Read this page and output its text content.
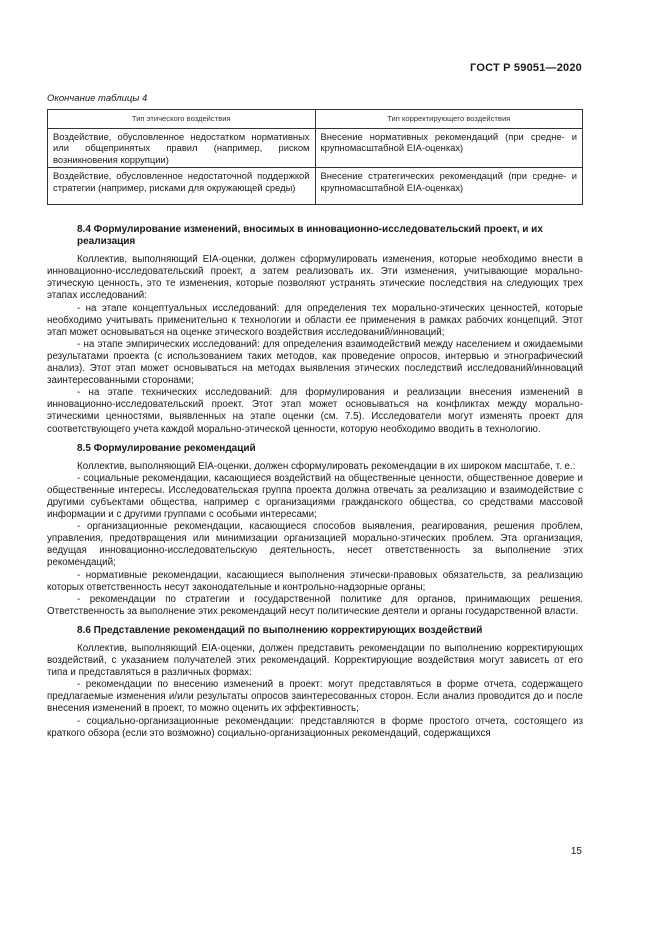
ГОСТ Р 59051—2020
Окончание таблицы 4
Тип этического воздействия	Тип корректирующего воздействия
Воздействие, обусловленное недостатком нормативных или общепринятых правил (например, риском возникновения коррупции)	Внесение нормативных рекомендаций (при средне- и крупномасштабной EIA-оценках)
Воздействие, обусловленное недостаточной поддержкой стратегии (например, рисками для окружающей среды)	Внесение стратегических рекомендаций (при средне- и крупномасштабной EIA-оценках)
8.4 Формулирование изменений, вносимых в инновационно-исследовательский проект, и их реализация

Коллектив, выполняющий EIA-оценки, должен сформулировать изменения, которые необходимо внести в инновационно-исследовательский проект, а затем реализовать их. Эти изменения, учитывающие морально-этическую ценность, это те изменения, которые позволяют устранять этические последствия на следующих трех этапах исследований:

- на этапе концептуальных исследований: для определения тех морально-этических ценностей, которые необходимо учитывать применительно к технологии и области ее применения в рамках рабочих концепций. Этот этап может основываться на оценке этического воздействия исследований/инноваций;

- на этапе эмпирических исследований: для определения взаимодействий между населением и ожидаемыми результатами проекта (с использованием таких методов, как проведение опросов, интервью и этнографический анализ). Этот этап может основываться на методах выявления этических последствий исследований/инноваций заинтересованными сторонами;

- на этапе технических исследований: для формулирования и реализации внесения изменений в инновационно-исследовательский проект. Этот этап может основываться на конфликтах между морально-этическими ценностями, выявленных на этапе оценки (см. 7.5). Исследователи могут изменять проект для соответствующего учета каждой морально-этической ценности, которую необходимо вводить в технологию.

8.5 Формулирование рекомендаций

Коллектив, выполняющий EIA-оценки, должен сформулировать рекомендации в их широком масштабе, т. е.:

- социальные рекомендации, касающиеся воздействий на общественные ценности, общественное доверие и общественные интересы. Исследовательская группа проекта должна отвечать за реализацию и взаимодействие с другими субъектами общества, например с организациями гражданского общества, со средствами массовой информации и с другими группами с особыми интересами;

- организационные рекомендации, касающиеся способов выявления, реагирования, решения проблем, управления, предотвращения или минимизации организацией морально-этических проблем. Эта организация, ведущая инновационно-исследовательскую деятельность, несет ответственность за выполнение этих рекомендаций;

- нормативные рекомендации, касающиеся выполнения этически-правовых обязательств, за реализацию которых ответственность несут законодательные и контрольно-надзорные органы;

- рекомендации по стратегии и государственной политике для органов, принимающих решения. Ответственность за выполнение этих рекомендаций несут политические деятели и органы государственной власти.

8.6 Представление рекомендаций по выполнению корректирующих воздействий

Коллектив, выполняющий EIA-оценки, должен представить рекомендации по выполнению корректирующих воздействий, с указанием получателей этих рекомендаций. Корректирующие воздействия могут зависеть от его типа и представляться в различных формах:

- рекомендации по внесению изменений в проект: могут представляться в форме отчета, содержащего предлагаемые изменения и/или результаты опросов заинтересованных сторон. Если анализ проводится до и после внесения изменений в проект, то можно оценить их эффективность;

- социально-организационные рекомендации: представляются в форме простого отчета, состоящего из краткого обзора (если это возможно) социально-организационных рекомендаций, содержащихся

15
